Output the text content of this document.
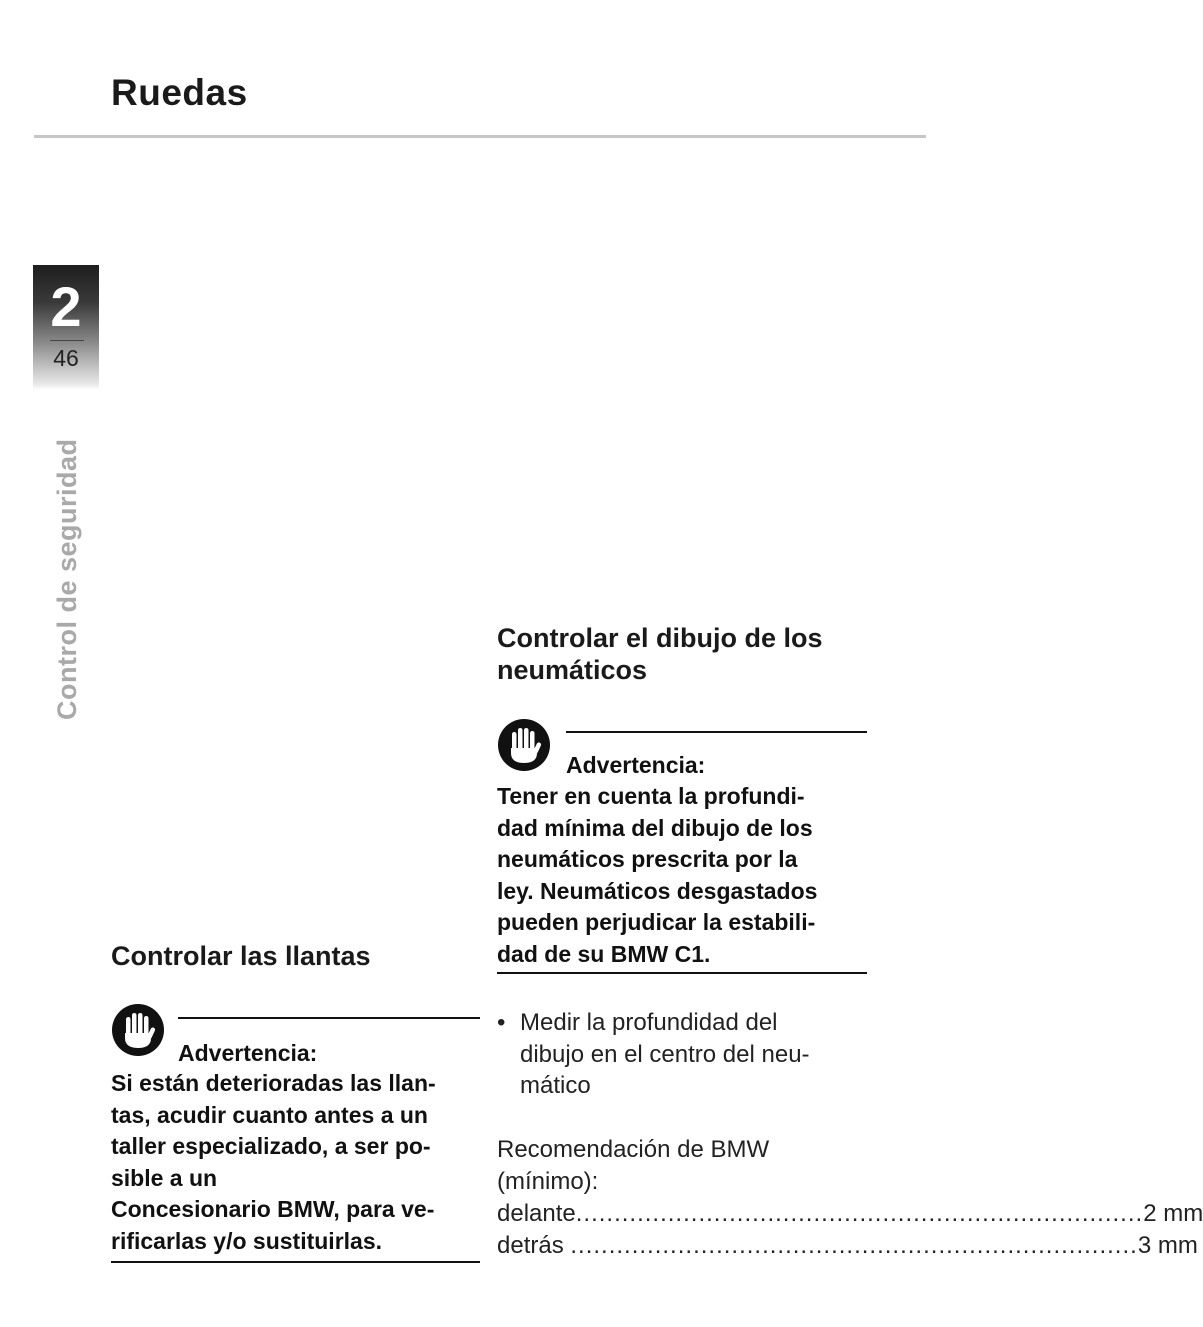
Ruedas
2
46
Control de seguridad
Controlar las llantas
Advertencia:
Si están deterioradas las llan-
tas, acudir cuanto antes a un
taller especializado, a ser po-
sible a un
Concesionario BMW, para ve-
rificarlas y/o sustituirlas.
Controlar el dibujo de los
neumáticos
Advertencia:
Tener en cuenta la profundi-
dad mínima del dibujo de los
neumáticos prescrita por la
ley. Neumáticos desgastados
pueden perjudicar la estabili-
dad de su BMW C1.
• Medir la profundidad del
dibujo en el centro del neu-
mático
Recomendación de BMW
(mínimo):
delante .......................................................................... 2 mm
detrás .......................................................................... 3 mm
